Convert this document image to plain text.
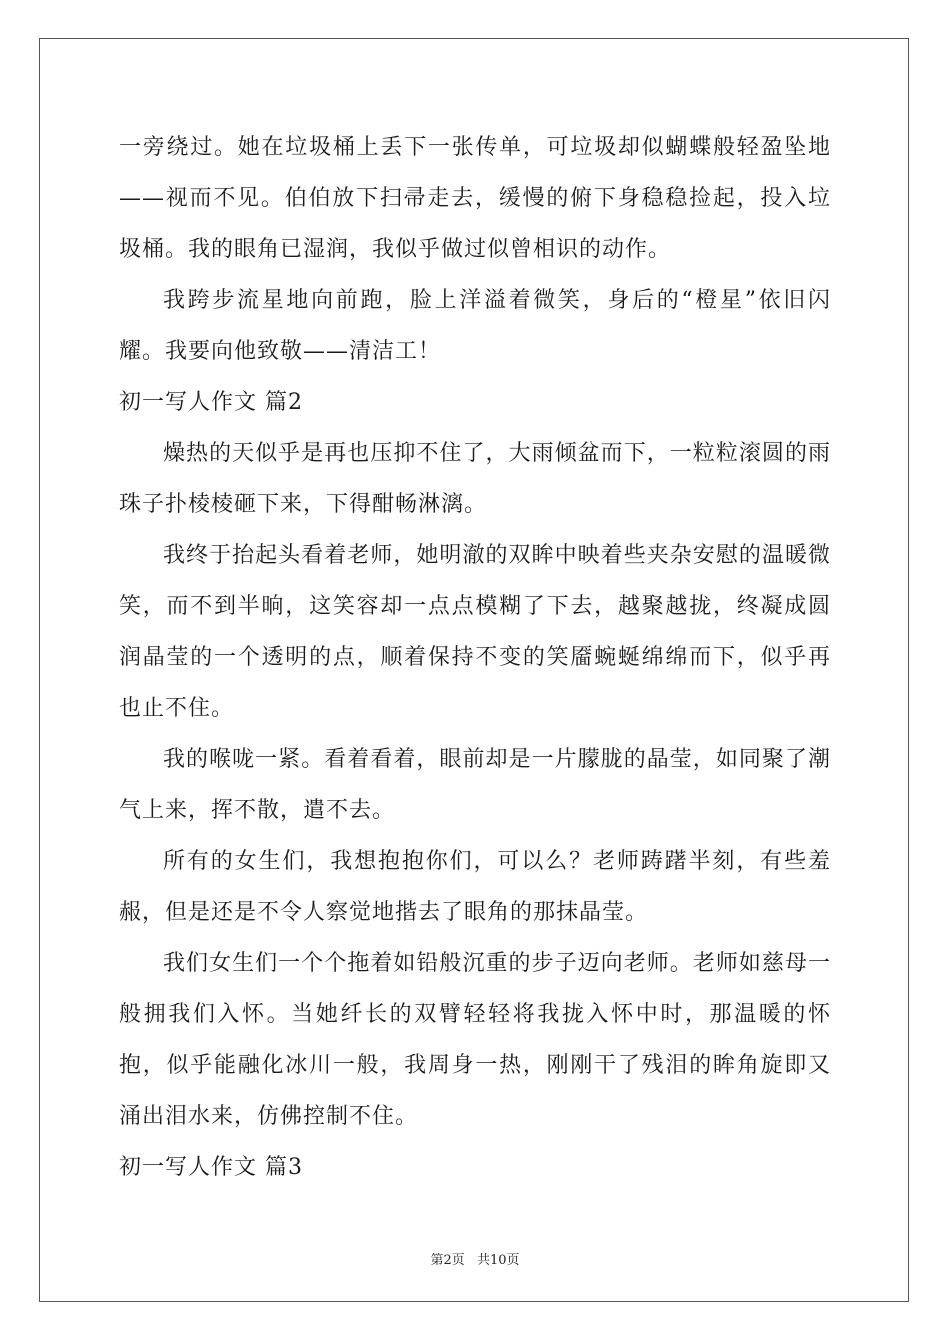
一旁绕过。她在垃圾桶上丢下一张传单，可垃圾却似蝴蝶般轻盈坠地——视而不见。伯伯放下扫帚走去，缓慢的俯下身稳稳捡起，投入垃圾桶。我的眼角已湿润，我似乎做过似曾相识的动作。

我跨步流星地向前跑，脸上洋溢着微笑，身后的“橙星”依旧闪耀。我要向他致敬——清洁工！

初一写人作文 篇2

燥热的天似乎是再也压抑不住了，大雨倾盆而下，一粒粒滚圆的雨珠子扑棱棱砸下来，下得酣畅淋漓。

我终于抬起头看着老师，她明澈的双眸中映着些夹杂安慰的温暖微笑，而不到半晌，这笑容却一点点模糊了下去，越聚越拢，终凝成圆润晶莹的一个透明的点，顺着保持不变的笑靥蜿蜒绵绵而下，似乎再也止不住。

我的喉咙一紧。看着看着，眼前却是一片朦胧的晶莹，如同聚了潮气上来，挥不散，遣不去。

所有的女生们，我想抱抱你们，可以么？老师踌躇半刻，有些羞赧，但是还是不令人察觉地揩去了眼角的那抹晶莹。

我们女生们一个个拖着如铅般沉重的步子迈向老师。老师如慈母一般拥我们入怀。当她纤长的双臂轻轻将我拢入怀中时，那温暖的怀抱，似乎能融化冰川一般，我周身一热，刚刚干了残泪的眸角旋即又涌出泪水来，仿佛控制不住。

初一写人作文 篇3

第2页 共10页
